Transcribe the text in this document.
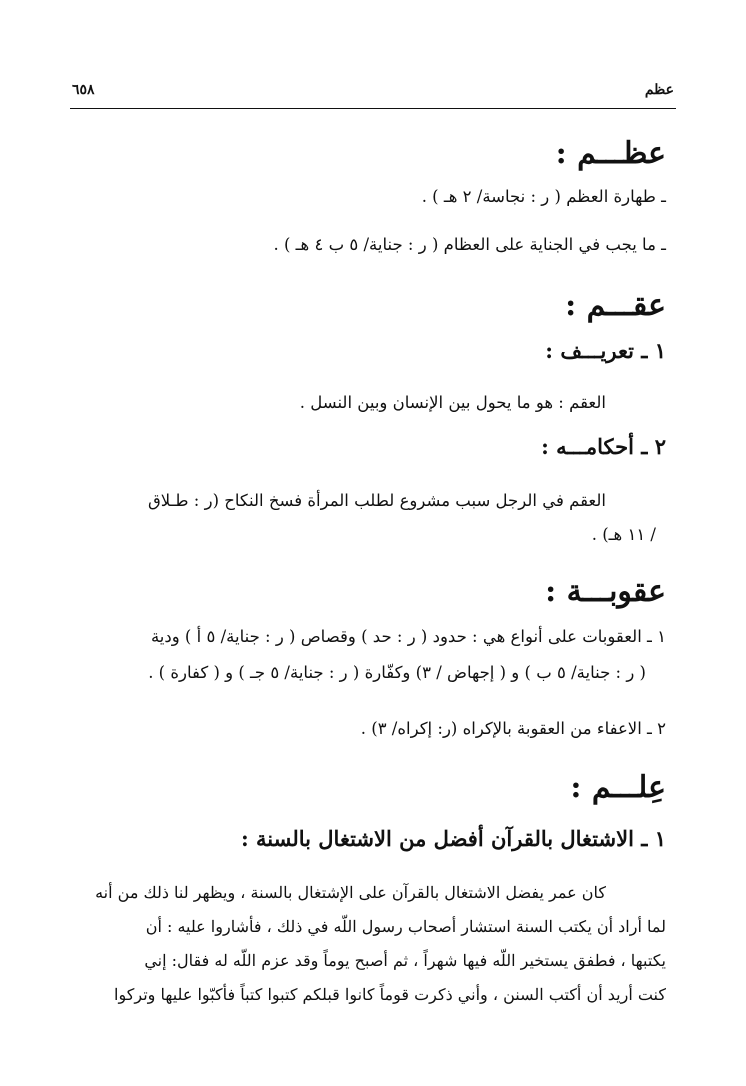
عظم
٦٥٨
عظـــم :
ـ طهارة العظم ( ر : نجاسة/ ٢ هـ ) .
ـ ما يجب في الجناية على العظام ( ر : جناية/ ٥ ب ٤ هـ ) .
عقـــم :
١ ـ تعريـــف :
العقم : هو ما يحول بين الإنسان وبين النسل .
٢ ـ أحكامـــه :
العقم في الرجل سبب مشروع لطلب المرأة فسخ النكاح (ر : طـلاق
/ ١١ هـ) .
عقوبـــة :
١ ـ العقوبات على أنواع هي : حدود ( ر : حد ) وقصاص ( ر : جناية/ ٥ أ ) ودية
( ر : جناية/ ٥ ب ) و ( إجهاض / ٣) وكفّارة ( ر : جناية/ ٥ جـ ) و ( كفارة ) .
٢ ـ الاعفاء من العقوبة بالإكراه (ر: إكراه/ ٣) .
عِلـــم :
١ ـ الاشتغال بالقرآن أفضل من الاشتغال بالسنة :
كان عمر يفضل الاشتغال بالقرآن على الإشتغال بالسنة ، ويظهر لنا ذلك من أنه
لما أراد أن يكتب السنة استشار أصحاب رسول اللّه في ذلك ، فأشاروا عليه : أن
يكتبها ، فطفق يستخير اللّه فيها شهراً ، ثم أصبح يوماً وقد عزم اللّه له فقال: إني
كنت أريد أن أكتب السنن ، وأني ذكرت قوماً كانوا قبلكم كتبوا كتباً فأكبّوا عليها وتركوا
